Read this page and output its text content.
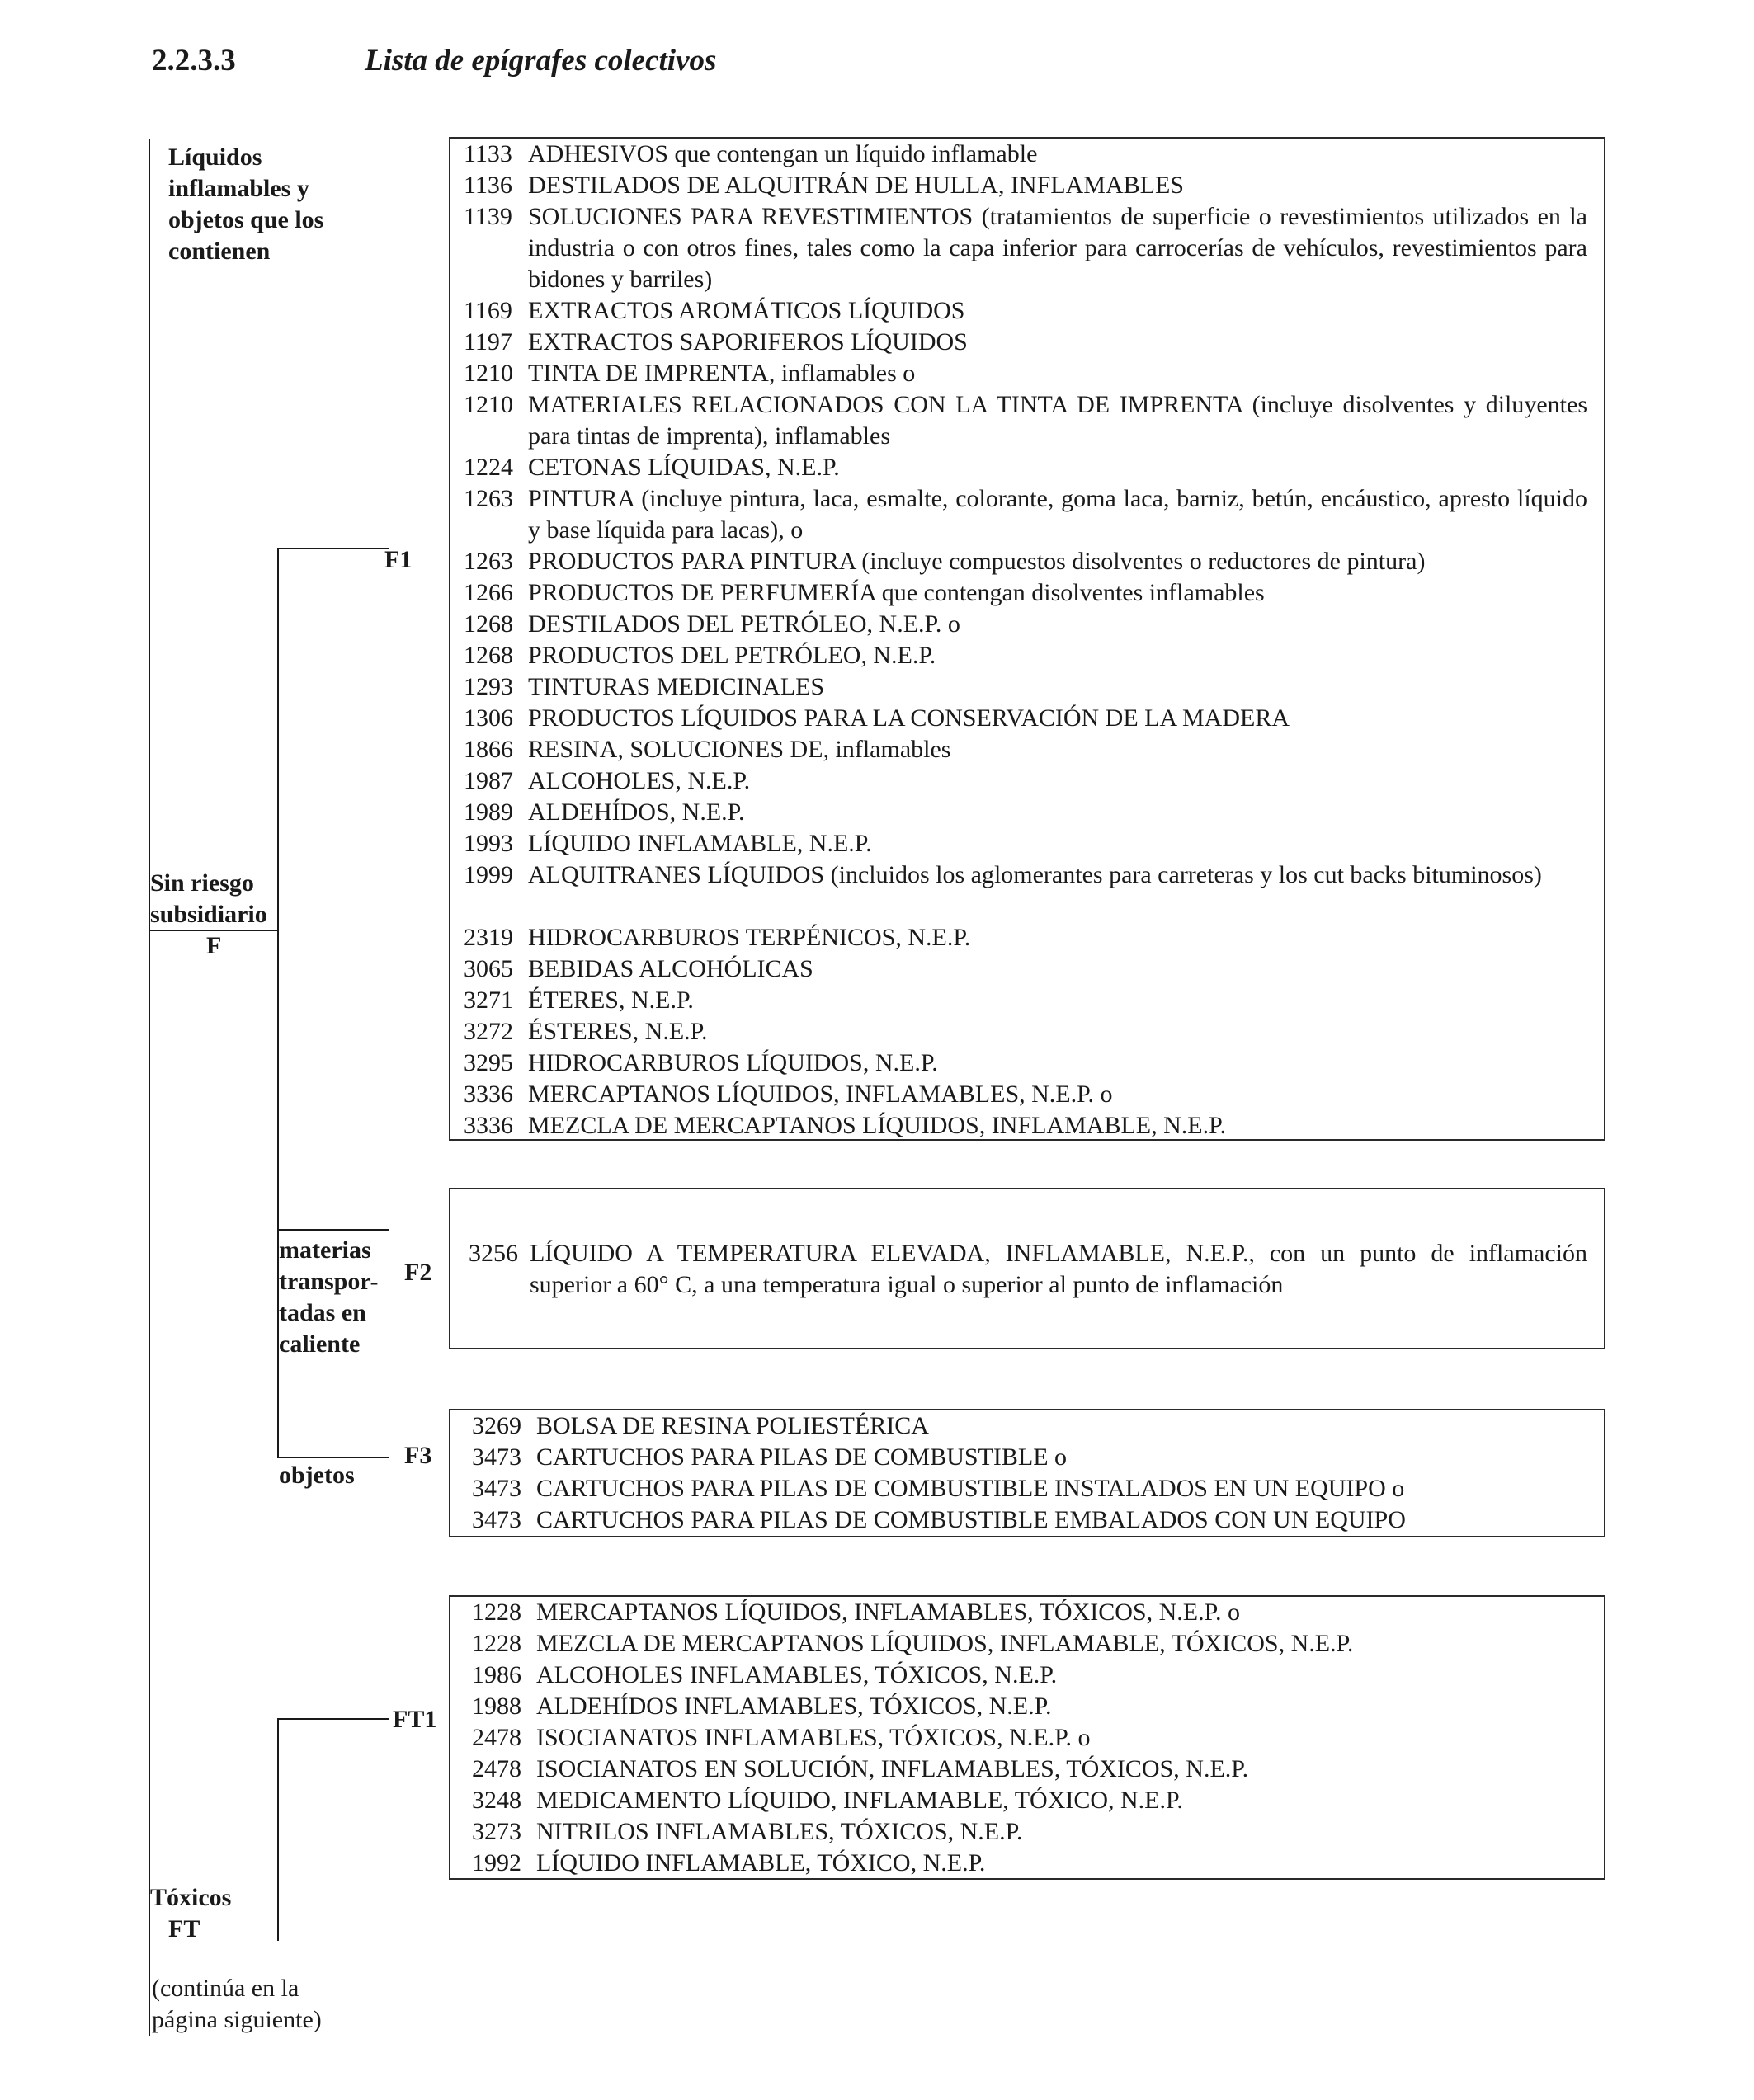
2.2.3.3	Lista de epígrafes colectivos
Líquidos
inflamables y
objetos que los
contienen
Sin riesgo
subsidiario
F
F1
materias
transpor-
tadas en
caliente
F2
objetos
F3
FT1
Tóxicos
FT
(continúa en la
página siguiente)
1133 ADHESIVOS que contengan un líquido inflamable
1136 DESTILADOS DE ALQUITRÁN DE HULLA, INFLAMABLES
1139 SOLUCIONES PARA REVESTIMIENTOS (tratamientos de superficie o revestimientos utilizados en la industria o con otros fines, tales como la capa inferior para carrocerías de vehículos, revestimientos para bidones y barriles)
1169 EXTRACTOS AROMÁTICOS LÍQUIDOS
1197 EXTRACTOS SAPORIFEROS LÍQUIDOS
1210 TINTA DE IMPRENTA, inflamables o
1210 MATERIALES RELACIONADOS CON LA TINTA DE IMPRENTA (incluye disolventes y diluyentes para tintas de imprenta), inflamables
1224 CETONAS LÍQUIDAS, N.E.P.
1263 PINTURA (incluye pintura, laca, esmalte, colorante, goma laca, barniz, betún, encáustico, apresto líquido y base líquida para lacas), o
1263 PRODUCTOS PARA PINTURA (incluye compuestos disolventes o reductores de pintura)
1266 PRODUCTOS DE PERFUMERÍA que contengan disolventes inflamables
1268 DESTILADOS DEL PETRÓLEO, N.E.P. o
1268 PRODUCTOS DEL PETRÓLEO, N.E.P.
1293 TINTURAS MEDICINALES
1306 PRODUCTOS LÍQUIDOS PARA LA CONSERVACIÓN DE LA MADERA
1866 RESINA, SOLUCIONES DE, inflamables
1987 ALCOHOLES, N.E.P.
1989 ALDEHÍDOS, N.E.P.
1993 LÍQUIDO INFLAMABLE, N.E.P.
1999 ALQUITRANES LÍQUIDOS (incluidos los aglomerantes para carreteras y los cut backs bituminosos)
2319 HIDROCARBUROS TERPÉNICOS, N.E.P.
3065 BEBIDAS ALCOHÓLICAS
3271 ÉTERES, N.E.P.
3272 ÉSTERES, N.E.P.
3295 HIDROCARBUROS LÍQUIDOS, N.E.P.
3336 MERCAPTANOS LÍQUIDOS, INFLAMABLES, N.E.P. o
3336 MEZCLA DE MERCAPTANOS LÍQUIDOS, INFLAMABLE, N.E.P.
3256 LÍQUIDO A TEMPERATURA ELEVADA, INFLAMABLE, N.E.P., con un punto de inflamación superior a 60° C, a una temperatura igual o superior al punto de inflamación
3269 BOLSA DE RESINA POLIESTÉRICA
3473 CARTUCHOS PARA PILAS DE COMBUSTIBLE o
3473 CARTUCHOS PARA PILAS DE COMBUSTIBLE INSTALADOS EN UN EQUIPO o
3473 CARTUCHOS PARA PILAS DE COMBUSTIBLE EMBALADOS CON UN EQUIPO
1228 MERCAPTANOS LÍQUIDOS, INFLAMABLES, TÓXICOS, N.E.P. o
1228 MEZCLA DE MERCAPTANOS LÍQUIDOS, INFLAMABLE, TÓXICOS, N.E.P.
1986 ALCOHOLES INFLAMABLES, TÓXICOS, N.E.P.
1988 ALDEHÍDOS INFLAMABLES, TÓXICOS, N.E.P.
2478 ISOCIANATOS INFLAMABLES, TÓXICOS, N.E.P. o
2478 ISOCIANATOS EN SOLUCIÓN, INFLAMABLES, TÓXICOS, N.E.P.
3248 MEDICAMENTO LÍQUIDO, INFLAMABLE, TÓXICO, N.E.P.
3273 NITRILOS INFLAMABLES, TÓXICOS, N.E.P.
1992 LÍQUIDO INFLAMABLE, TÓXICO, N.E.P.
